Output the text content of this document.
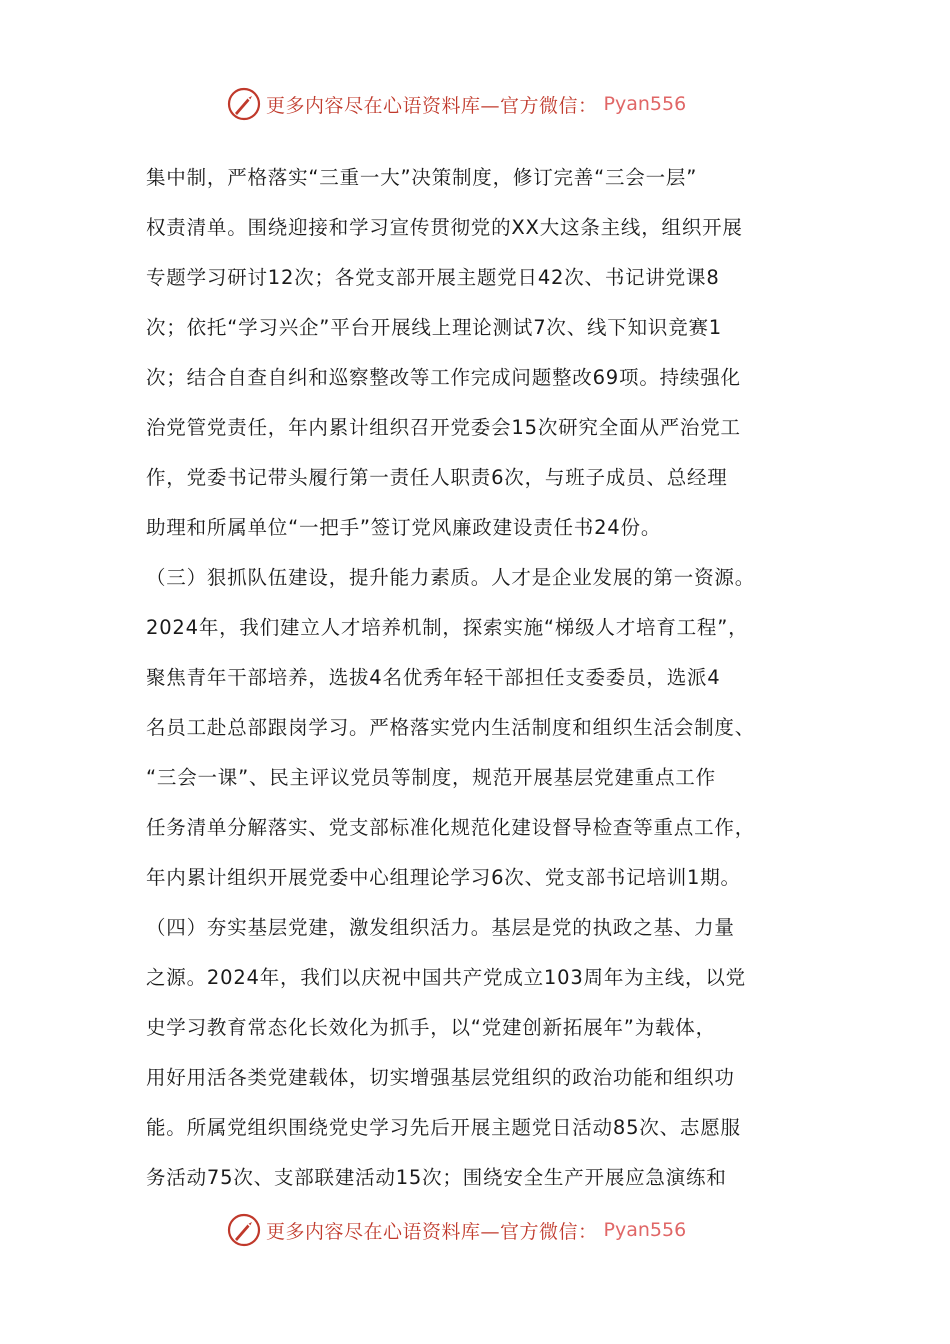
更多内容尽在心语资料库—官方微信： Pyan556
集中制，严格落实“三重一大”决策制度，修订完善“三会一层”
权责清单。围绕迎接和学习宣传贯彻党的XX大这条主线，组织开展
专题学习研讨12次；各党支部开展主题党日42次、书记讲党课8
次；依托“学习兴企”平台开展线上理论测试7次、线下知识竞赛1
次；结合自查自纠和巡察整改等工作完成问题整改69项。持续强化
治党管党责任，年内累计组织召开党委会15次研究全面从严治党工
作，党委书记带头履行第一责任人职责6次，与班子成员、总经理
助理和所属单位“一把手”签订党风廉政建设责任书24份。
（三）狠抓队伍建设，提升能力素质。人才是企业发展的第一资源。
2024年，我们建立人才培养机制，探索实施“梯级人才培育工程”，
聚焦青年干部培养，选拔4名优秀年轻干部担任支委委员，选派4
名员工赴总部跟岗学习。严格落实党内生活制度和组织生活会制度、
“三会一课”、民主评议党员等制度，规范开展基层党建重点工作
任务清单分解落实、党支部标准化规范化建设督导检查等重点工作，
年内累计组织开展党委中心组理论学习6次、党支部书记培训1期。
（四）夯实基层党建，激发组织活力。基层是党的执政之基、力量
之源。2024年，我们以庆祝中国共产党成立103周年为主线，以党
史学习教育常态化长效化为抓手，以“党建创新拓展年”为载体，
用好用活各类党建载体，切实增强基层党组织的政治功能和组织功
能。所属党组织围绕党史学习先后开展主题党日活动85次、志愿服
务活动75次、支部联建活动15次；围绕安全生产开展应急演练和
更多内容尽在心语资料库—官方微信： Pyan556
